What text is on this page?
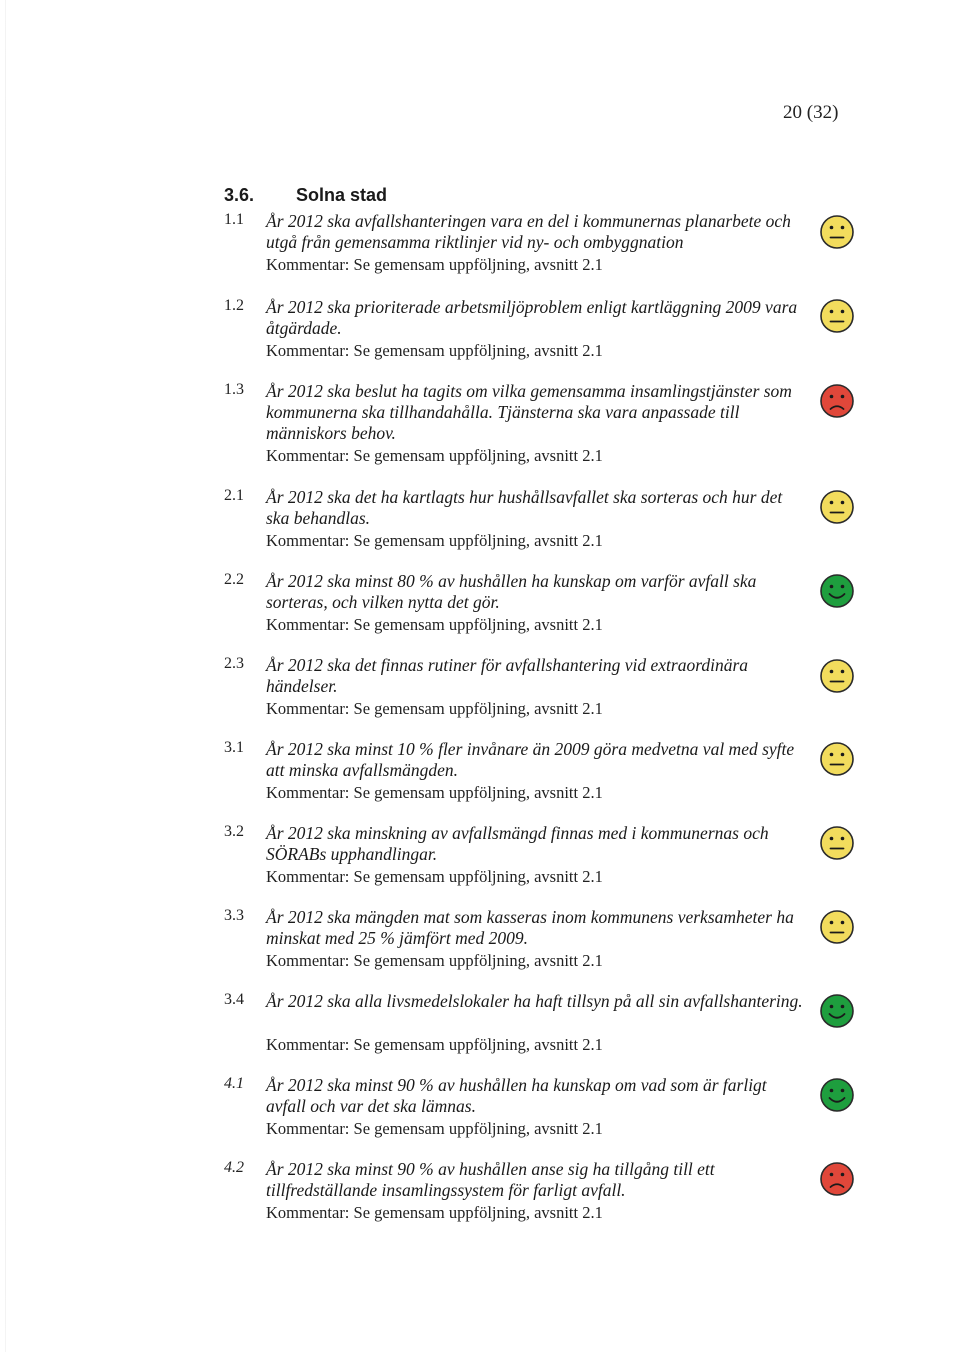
20 (32)
3.6. Solna stad
1.1 År 2012 ska avfallshanteringen vara en del i kommunernas planarbete och utgå från gemensamma riktlinjer vid ny- och ombyggnation
Kommentar: Se gemensam uppföljning, avsnitt 2.1
1.2 År 2012 ska prioriterade arbetsmiljöproblem enligt kartläggning 2009 vara åtgärdade.
Kommentar: Se gemensam uppföljning, avsnitt 2.1
1.3 År 2012 ska beslut ha tagits om vilka gemensamma insamlingstjänster som kommunerna ska tillhandahålla. Tjänsterna ska vara anpassade till människors behov.
Kommentar: Se gemensam uppföljning, avsnitt 2.1
2.1 År 2012 ska det ha kartlagts hur hushållsavfallet ska sorteras och hur det ska behandlas.
Kommentar: Se gemensam uppföljning, avsnitt 2.1
2.2 År 2012 ska minst 80 % av hushållen ha kunskap om varför avfall ska sorteras, och vilken nytta det gör.
Kommentar: Se gemensam uppföljning, avsnitt 2.1
2.3 År 2012 ska det finnas rutiner för avfallshantering vid extraordinära händelser.
Kommentar: Se gemensam uppföljning, avsnitt 2.1
3.1 År 2012 ska minst 10 % fler invånare än 2009 göra medvetna val med syfte att minska avfallsmängden.
Kommentar: Se gemensam uppföljning, avsnitt 2.1
3.2 År 2012 ska minskning av avfallsmängd finnas med i kommunernas och SÖRABs upphandlingar.
Kommentar: Se gemensam uppföljning, avsnitt 2.1
3.3 År 2012 ska mängden mat som kasseras inom kommunens verksamheter ha minskat med 25 % jämfört med 2009.
Kommentar: Se gemensam uppföljning, avsnitt 2.1
3.4 År 2012 ska alla livsmedelslokaler ha haft tillsyn på all sin avfallshantering.
Kommentar: Se gemensam uppföljning, avsnitt 2.1
4.1 År 2012 ska minst 90 % av hushållen ha kunskap om vad som är farligt avfall och var det ska lämnas.
Kommentar: Se gemensam uppföljning, avsnitt 2.1
4.2 År 2012 ska minst 90 % av hushållen anse sig ha tillgång till ett tillfredställande insamlingssystem för farligt avfall.
Kommentar: Se gemensam uppföljning, avsnitt 2.1
